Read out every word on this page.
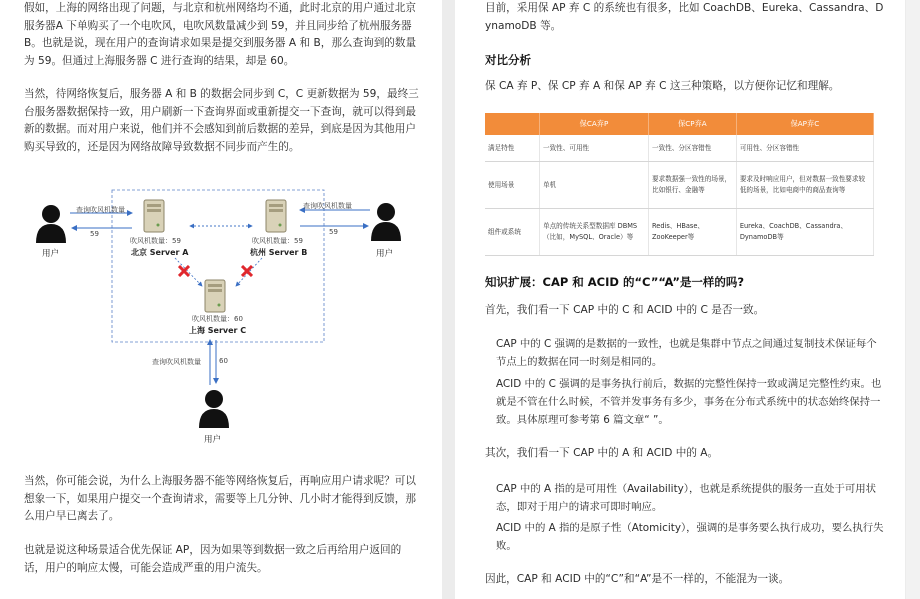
假如，上海的网络出现了问题，与北京和杭州网络均不通，此时北京的用户通过北京服务器A 下单购买了一个电吹风，电吹风数量减少到 59，并且同步给了杭州服务器 B。也就是说，现在用户的查询请求如果是提交到服务器 A 和 B，那么查询到的数量为 59。但通过上海服务器 C 进行查询的结果，却是 60。

当然，待网络恢复后，服务器 A 和 B 的数据会同步到 C，C 更新数据为 59，最终三台服务器数据保持一致，用户刷新一下查询界面或重新提交一下查询，就可以得到最新的数据。而对用户来说，他们并不会感知到前后数据的差异，到底是因为其他用户购买导致的，还是因为网络故障导致数据不同步而产生的。

用户	用户
用户
查询吹风机数量
59
查询吹风机数量
59
查询吹风机数量	60
吹风机数量：59
北京 Server A
吹风机数量：59
杭州 Server B
吹风机数量：60
上海 Server C

当然，你可能会说，为什么上海服务器不能等网络恢复后，再响应用户请求呢？可以想象一下，如果用户提交一个查询请求，需要等上几分钟、几小时才能得到反馈，那么用户早已离去了。

也就是说这种场景适合优先保证 AP，因为如果等到数据一致之后再给用户返回的话，用户的响应太慢，可能会造成严重的用户流失。

目前，采用保 AP 弃 C 的系统也有很多，比如 CoachDB、Eureka、Cassandra、DynamoDB 等。

对比分析

保 CA 弃 P、保 CP 弃 A 和保 AP 弃 C 这三种策略，以方便你记忆和理解。

	保CA弃P	保CP弃A	保AP弃C
满足特性	一致性、可用性	一致性、分区容错性	可用性、分区容错性
使用场景	单机	要求数据强一致性的场景，比如银行、金融等	要求及时响应用户，但对数据一致性要求较低的场景，比如电商中的商品查询等
组件或系统	单点的传统关系型数据库 DBMS（比如，MySQL、Oracle）等	Redis、HBase、ZooKeeper等	Eureka、CoachDB、Cassandra、DynamoDB等

知识扩展：CAP 和 ACID 的“C”“A”是一样的吗?

首先，我们看一下 CAP 中的 C 和 ACID 中的 C 是否一致。

CAP 中的 C 强调的是数据的一致性，也就是集群中节点之间通过复制技术保证每个节点上的数据在同一时刻是相同的。

ACID 中的 C 强调的是事务执行前后，数据的完整性保持一致或满足完整性约束。也就是不管在什么时候，不管并发事务有多少，事务在分布式系统中的状态始终保持一致。具体原理可参考第 6 篇文章“ ”。

其次，我们看一下 CAP 中的 A 和 ACID 中的 A。

CAP 中的 A 指的是可用性（Availability），也就是系统提供的服务一直处于可用状态，即对于用户的请求可即时响应。

ACID 中的 A 指的是原子性（Atomicity），强调的是事务要么执行成功，要么执行失败。

因此，CAP 和 ACID 中的“C”和“A”是不一样的，不能混为一谈。
